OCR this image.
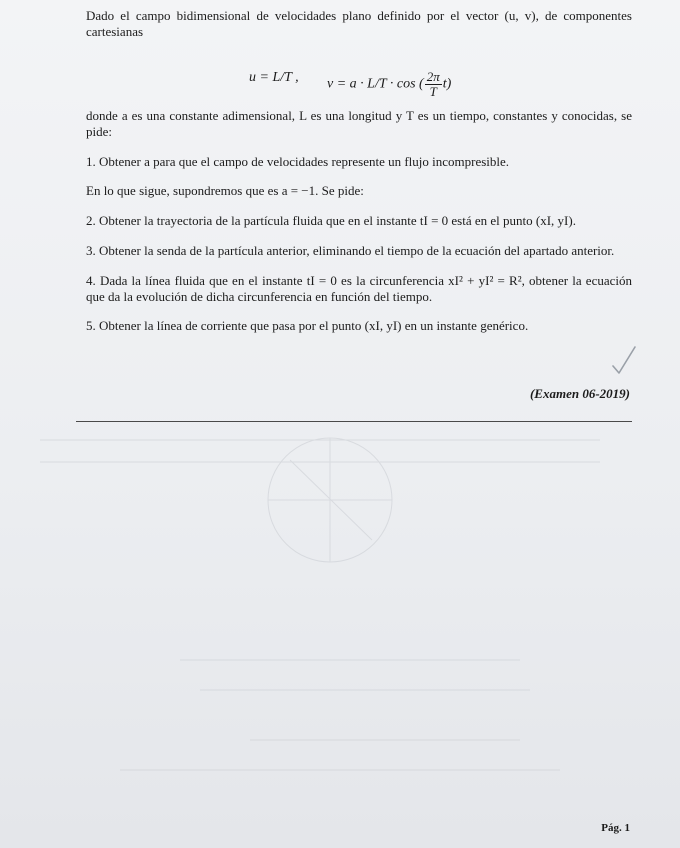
Dado el campo bidimensional de velocidades plano definido por el vector (u, v), de componentes cartesianas

u = L/T , v = a · L/T · cos ( $\frac{2\pi}{T} t$)

donde a es una constante adimensional, L es una longitud y T es un tiempo, constantes y conocidas, se pide:

1. Obtener a para que el campo de velocidades represente un flujo incompresible.

En lo que sigue, supondremos que es a = −1. Se pide:

2. Obtener la trayectoria de la partícula fluida que en el instante tI = 0 está en el punto (xI, yI).

3. Obtener la senda de la partícula anterior, eliminando el tiempo de la ecuación del apartado anterior.

4. Dada la línea fluida que en el instante tI = 0 es la circunferencia xI² + yI² = R², obtener la ecuación que da la evolución de dicha circunferencia en función del tiempo.

5. Obtener la línea de corriente que pasa por el punto (xI, yI) en un instante genérico.

(Examen 06-2019)
Pág. 1
